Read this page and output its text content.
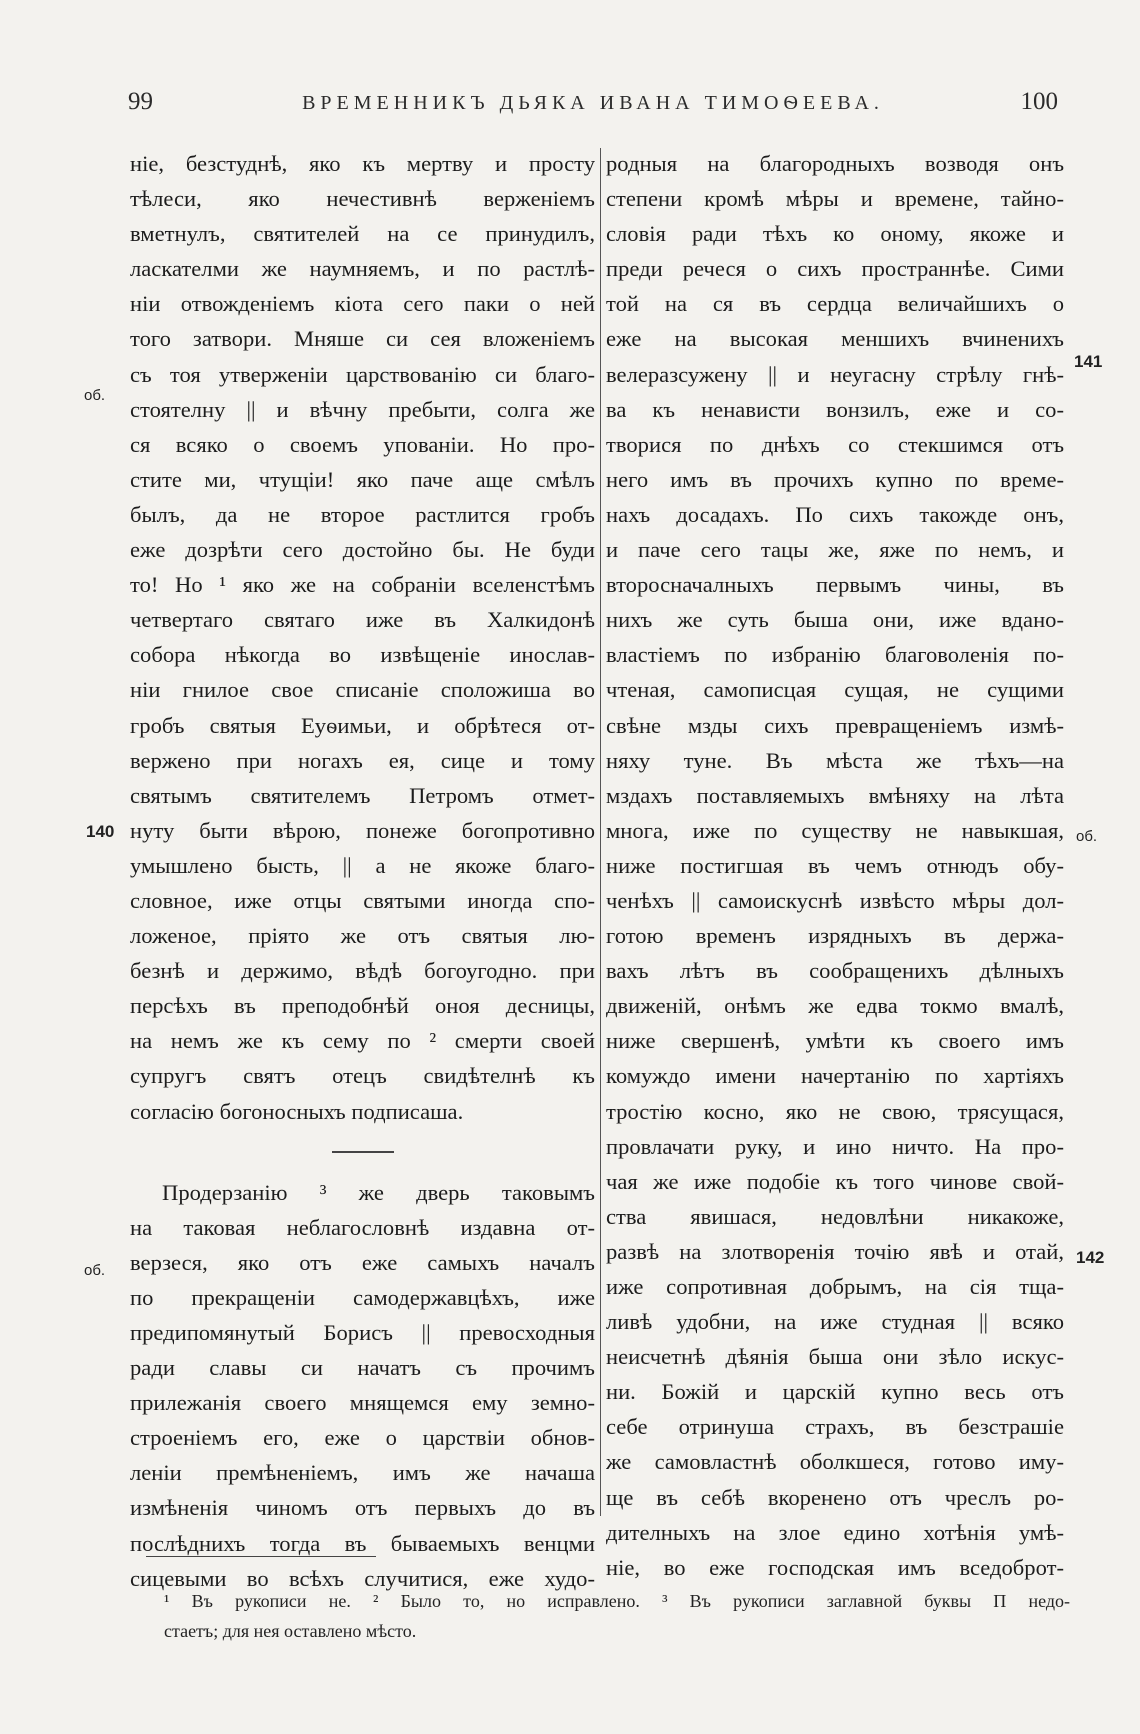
99	ВРЕМЕННИКЪ ДЬЯКА ИВАНА ТИМОѲЕЕВА.	100
ніе, безстуднѣ, яко къ мертву и просту
тѣлеси, яко нечестивнѣ верженіемъ
вметнулъ, святителей на се принудилъ,
ласкателми же наумняемъ, и по растлѣ-
ніи отвожденіемъ кіота сего паки о ней
того затвори. Мняше си сея вложеніемъ
съ тоя утверженіи царствованію си благо-
стоятелну || и вѣчну пребыти, солга же
ся всяко о своемъ упованіи. Но про-
стите ми, чтущіи! яко паче аще смѣлъ
былъ, да не второе растлится гробъ
еже дозрѣти сего достойно бы. Не буди
то! Но ¹ яко же на собраніи вселенстѣмъ
четвертаго святаго иже въ Халкидонѣ
собора нѣкогда во извѣщеніе инослав-
ніи гнилое свое списаніе сположиша во
гробъ святыя Еуѳимьи, и обрѣтеся от-
вержено при ногахъ ея, сице и тому
святымъ святителемъ Петромъ отмет-
нуту быти вѣрою, понеже богопротивно
умышлено бысть, || а не якоже благо-
словное, иже отцы святыми иногда спо-
ложеное, пріято же отъ святыя лю-
безнѣ и держимо, вѣдѣ богоугодно. при
персѣхъ въ преподобнѣй оноя десницы,
на немъ же къ сему по ² смерти своей
супругъ святъ отецъ свидѣтелнѣ къ
согласію богоносныхъ подписаша.
Продерзанію ³ же дверь таковымъ
на таковая неблагословнѣ издавна от-
верзеся, яко отъ еже самыхъ началъ
по прекращеніи самодержавцѣхъ, иже
предипомянутый Борисъ || превосходныя
ради славы си начатъ съ прочимъ
прилежанія своего мнящемся ему земно-
строеніемъ его, еже о царствіи обнов-
леніи премѣненіемъ, имъ же начаша
измѣненія чиномъ отъ первыхъ до въ
послѣднихъ тогда въ бываемыхъ венцми
сицевыми во всѣхъ случитися, еже худо-
родныя на благородныхъ возводя онъ
степени кромѣ мѣры и времене, тайно-
словія ради тѣхъ ко оному, якоже и
преди речеся о сихъ пространнѣе. Сими
той на ся въ сердца величайшихъ о
еже на высокая меншихъ вчиненихъ
велеразсужену || и неугасну стрѣлу гнѣ-
ва къ ненависти вонзилъ, еже и со-
творися по днѣхъ со стекшимся отъ
него имъ въ прочихъ купно по време-
нахъ досадахъ. По сихъ такожде онъ,
и паче сего тацы же, яже по немъ, и
второсначалныхъ первымъ чины, въ
нихъ же суть быша они, иже вдано-
властіемъ по избранію благоволенія по-
чтеная, самописцая сущая, не сущими
свѣне мзды сихъ превращеніемъ измѣ-
няху туне. Въ мѣста же тѣхъ—на
мздахъ поставляемыхъ вмѣняху на лѣта
многа, иже по существу не навыкшая,
ниже постигшая въ чемъ отнюдъ обу-
ченѣхъ || самоискуснѣ извѣсто мѣры дол-
готою временъ изрядныхъ въ держа-
вахъ лѣтъ въ сообращенихъ дѣлныхъ
движеній, онѣмъ же едва токмо вмалѣ,
ниже свершенѣ, умѣти къ своего имъ
комуждо имени начертанію по хартіяхъ
тростію косно, яко не свою, трясущася,
провлачати руку, и ино ничто. На про-
чая же иже подобіе къ того чинове свой-
ства явишася, недовлѣни никакоже,
развѣ на злотворенія точію явѣ и отай,
иже сопротивная добрымъ, на сія тща-
ливѣ удобни, на иже студная || всяко
неисчетнѣ дѣянія быша они зѣло искус-
ни. Божій и царскій купно весь отъ
себе отринуша страхъ, въ безстрашіе
же самовластнѣ оболкшеся, готово иму-
ще въ себѣ вкоренено отъ чреслъ ро-
дителныхъ на злое едино хотѣнія умѣ-
ніе, во еже господская имъ вседоброт-
об.
140
об.
141
об.
142
¹ Въ рукописи не. ² Было то, но исправлено. ³ Въ рукописи заглавной буквы П недо-
стаетъ; для нея оставлено мѣсто.
